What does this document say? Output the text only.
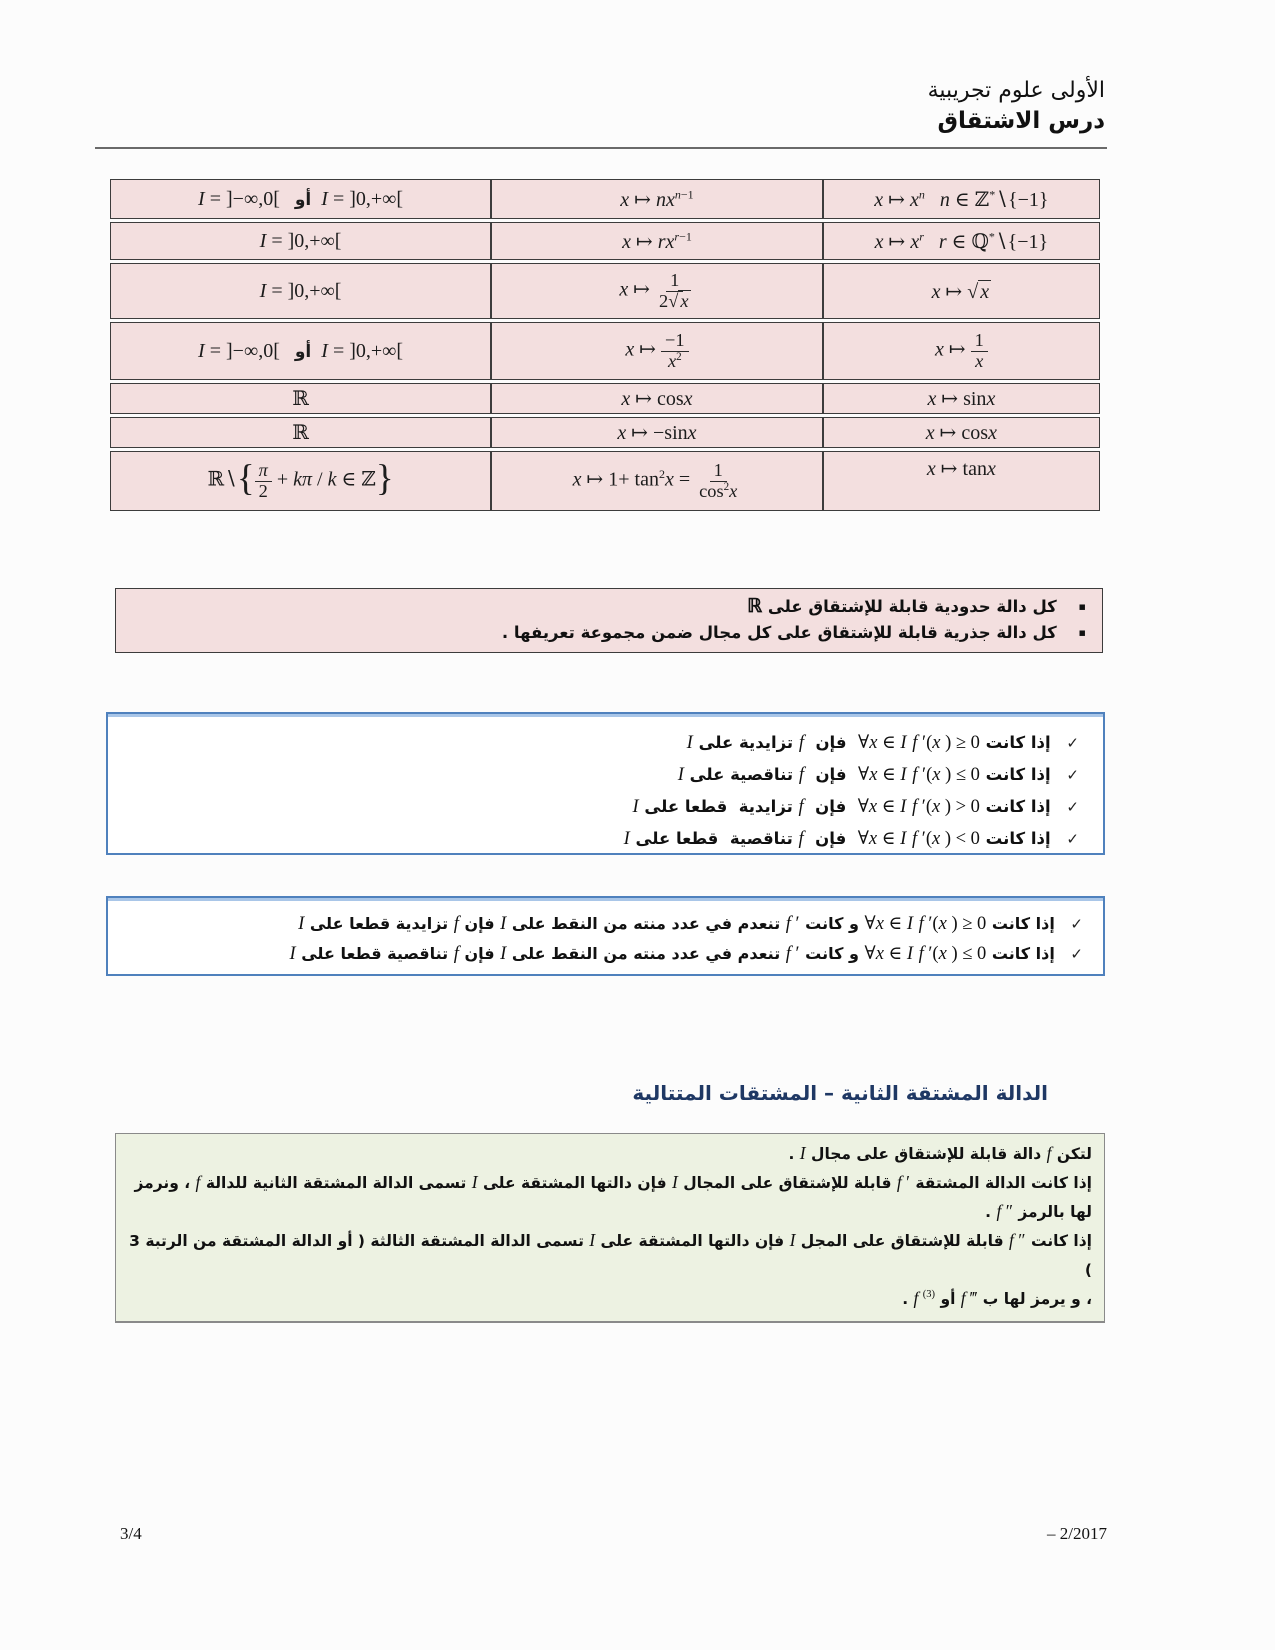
الأولى علوم تجريبية
درس الاشتقاق
I = ]−∞,0[   أو I = ]0,+∞[	x ↦ $nx^{n-1}$	x ↦ $x^n$ n ∈ ℤ*∖{−1}
I = ]0,+∞[	x ↦ $rx^{r-1}$	x ↦ $x^r$ r ∈ ℚ*∖{−1}
I = ]0,+∞[	x ↦ $\frac{1}{2√ x}$	x ↦ √ x
I = ]−∞,0[   أو I = ]0,+∞[	x ↦ $\frac{-1}{x^2}$	x ↦ $\frac{1}{x}$

ℝ	x ↦ cosx	x ↦ sinx
ℝ	x ↦ −sinx	x ↦ cosx
ℝ∖{ $\frac{\pi}{2} + k\pi / k$ ∈ ℤ}	x ↦ $1+ \tan^2x = \frac{1}{\cos^2x}$	x ↦ tanx
▪ كل دالة حدودية قابلة للإشتقاق على ℝ
▪ كل دالة جذرية قابلة للإشتقاق على كل مجال ضمن مجموعة تعريفها .
✓ إذا كانت f ′(x ) ≥ 0 ∀x ∈ I  فإن  f تزايدية على I
✓ إذا كانت f ′(x ) ≤ 0 ∀x ∈ I  فإن  f تناقصية على I
✓ إذا كانت f ′(x ) > 0 ∀x ∈ I  فإن  f تزايدية  قطعا على I
✓ إذا كانت f ′(x ) < 0 ∀x ∈ I  فإن  f تناقصية  قطعا على I
✓ إذا كانت f ′(x ) ≥ 0 ∀x ∈ I و كانت f ′ تنعدم في عدد منته من النقط على I فإن f تزايدية قطعا على I
✓ إذا كانت f ′(x ) ≤ 0 ∀x ∈ I و كانت f ′ تنعدم في عدد منته من النقط على I فإن f تناقصية قطعا على I
الدالة المشتقة الثانية – المشتقات المتتالية
لتكن f دالة قابلة للإشتقاق على مجال I .
إذا كانت الدالة المشتقة f ′ قابلة للإشتقاق على المجال I فإن دالتها المشتقة على I تسمى الدالة المشتقة الثانية للدالة f ، ونرمز
لها بالرمز f ″ .
إذا كانت f ″ قابلة للإشتقاق على المجل I فإن دالتها المشتقة على I تسمى الدالة المشتقة الثالثة ( أو الدالة المشتقة من الرتبة 3 )
، و يرمز لها ب f ‴ أو f $^{(3)}$ .
3/4	– 2/2017
